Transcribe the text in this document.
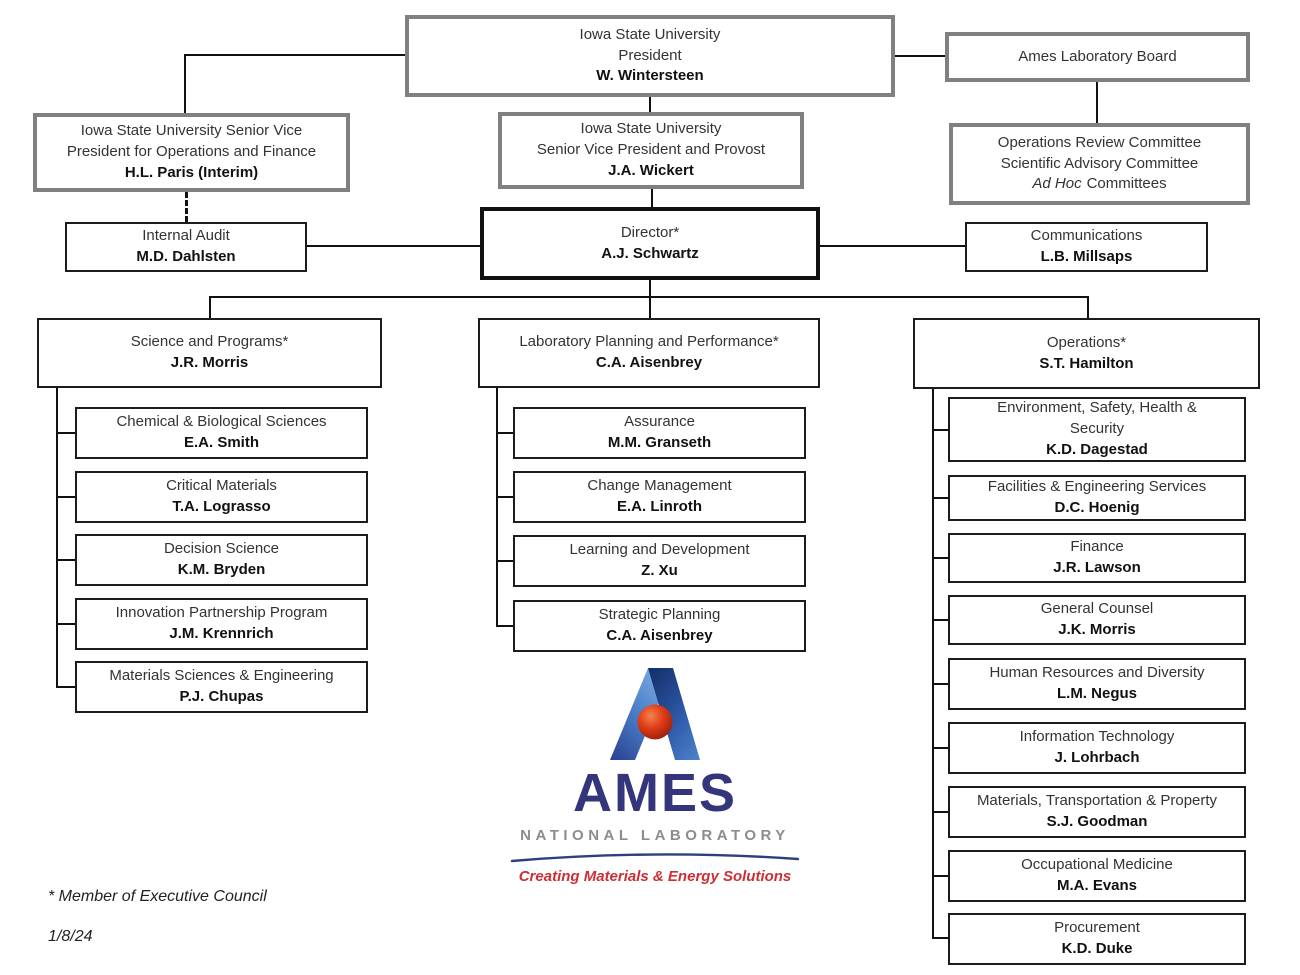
Iowa State University
President
W. Wintersteen
Ames Laboratory Board
Iowa State University Senior Vice President for Operations and Finance
H.L. Paris (Interim)
Iowa State University
Senior Vice President and Provost
J.A. Wickert
Operations Review Committee
Scientific Advisory Committee
Ad Hoc Committees
Internal Audit
M.D. Dahlsten
Director*
A.J. Schwartz
Communications
L.B. Millsaps
Science and Programs*
J.R. Morris
Laboratory Planning and Performance*
C.A. Aisenbrey
Operations*
S.T. Hamilton
Chemical & Biological Sciences
E.A. Smith
Critical Materials
T.A. Lograsso
Decision Science
K.M. Bryden
Innovation Partnership Program
J.M. Krennrich
Materials Sciences & Engineering
P.J. Chupas
Assurance
M.M. Granseth
Change Management
E.A. Linroth
Learning and Development
Z. Xu
Strategic Planning
C.A. Aisenbrey
Environment, Safety, Health & Security
K.D. Dagestad
Facilities & Engineering Services
D.C. Hoenig
Finance
J.R. Lawson
General Counsel
J.K. Morris
Human Resources and Diversity
L.M. Negus
Information Technology
J. Lohrbach
Materials, Transportation & Property
S.J. Goodman
Occupational Medicine
M.A. Evans
Procurement
K.D. Duke
AMES
NATIONAL LABORATORY
Creating Materials & Energy Solutions
* Member of Executive Council
1/8/24
